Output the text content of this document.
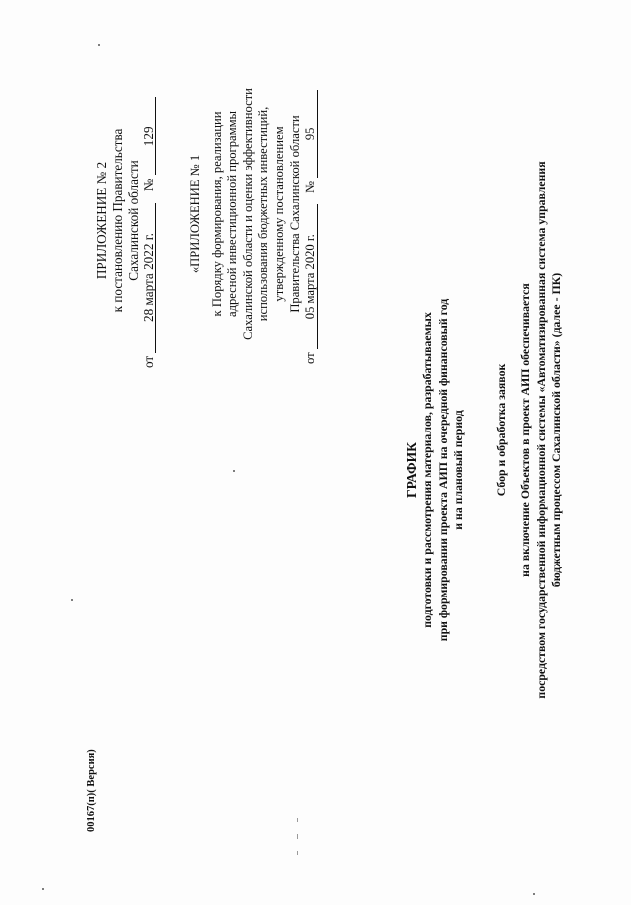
ПРИЛОЖЕНИЕ № 2 к постановлению Правительства Сахалинской области
от 28 марта 2022 г. № 129
«ПРИЛОЖЕНИЕ № 1 к Порядку формирования, реализации адресной инвестиционной программы Сахалинской области и оценки эффективности использования бюджетных инвестиций, утвержденному постановлением Правительства Сахалинской области
от 05 марта 2020 г. № 95
ГРАФИК подготовки и рассмотрения материалов, разрабатываемых при формировании проекта АИП на очередной финансовый год и на плановый период Сбор и обработка заявок на включение Объектов в проект АИП обеспечивается посредством государственной информационной системы «Автоматизированная система управления бюджетным процессом Сахалинской области» (далее - ПК)
00167(п)( Версия)
